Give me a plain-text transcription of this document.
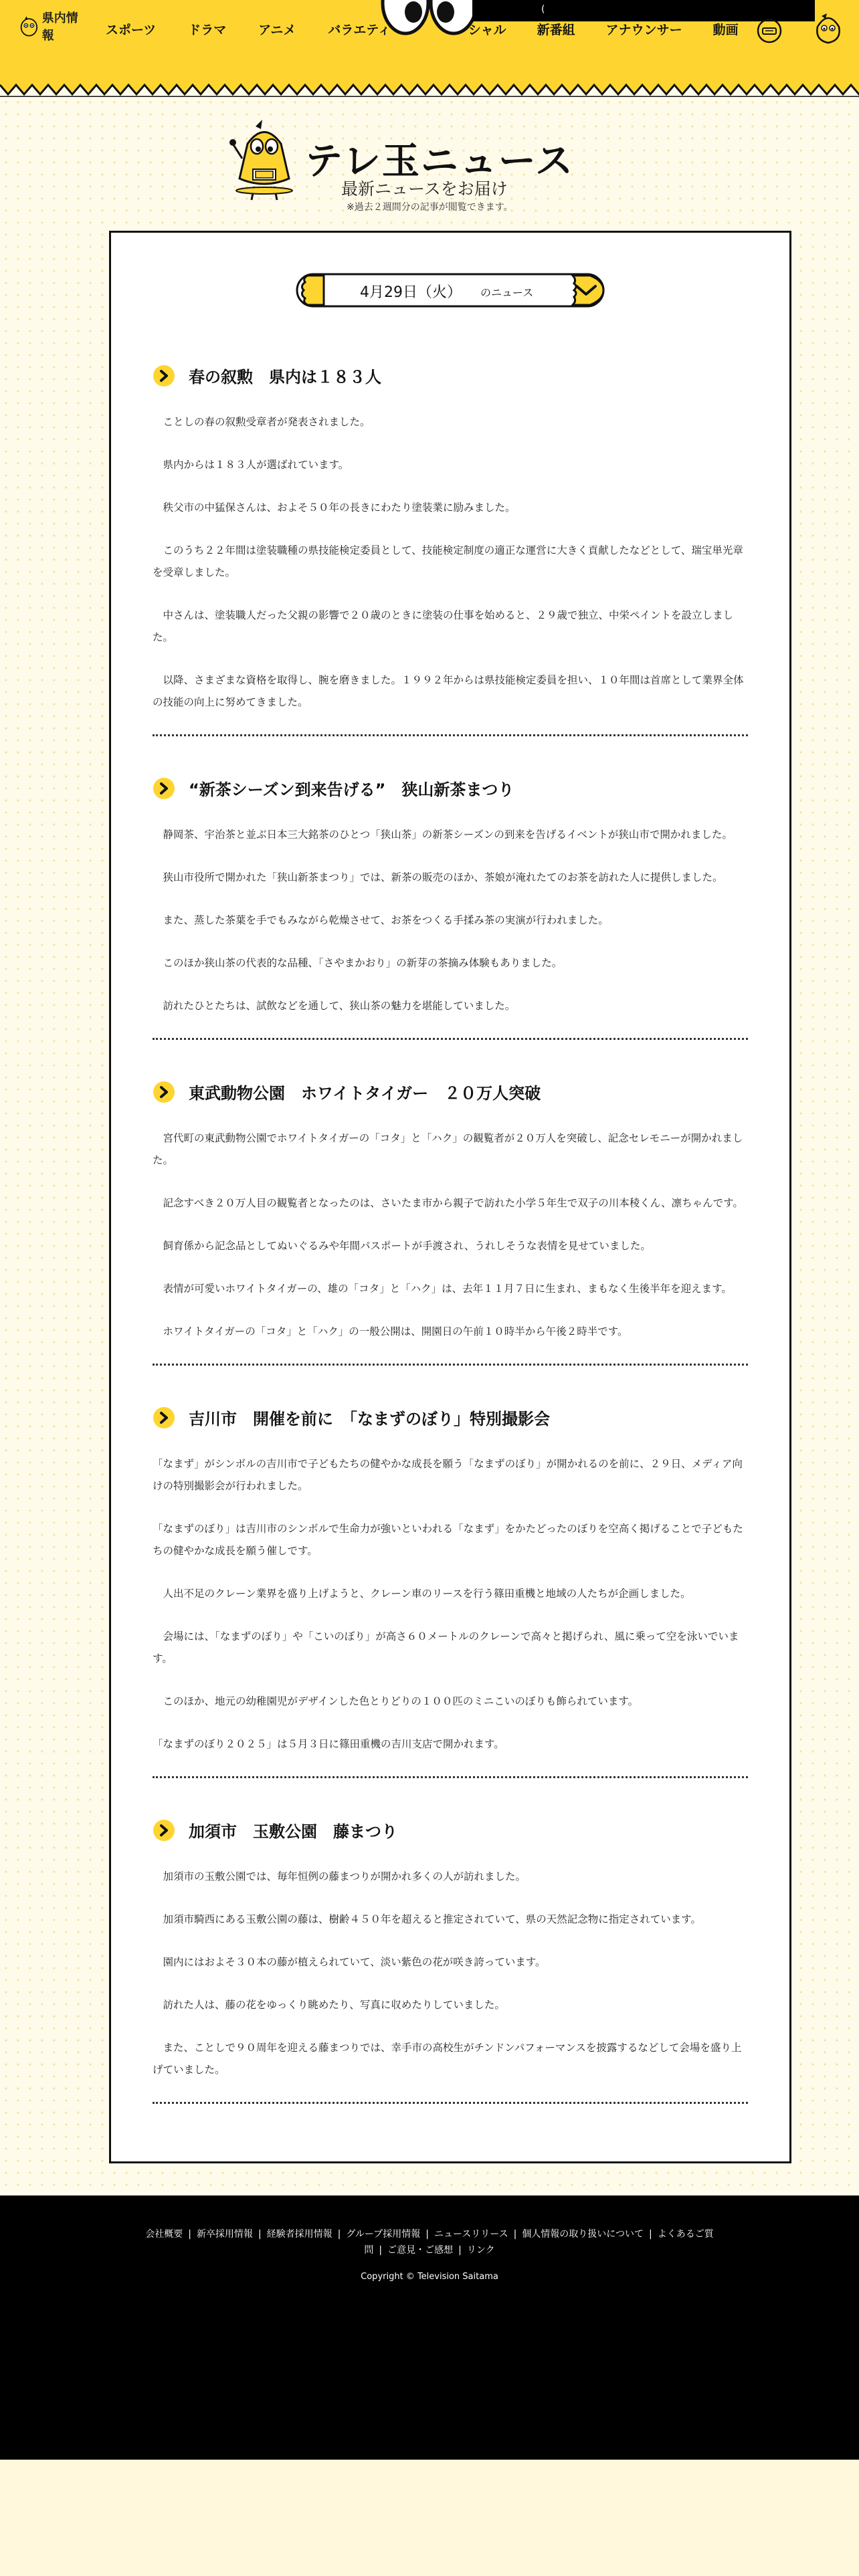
県内情報	スポーツ	ドラマ	アニメ	バラエティ
(
シャル 新番組 アナウンサー 動画
テレ玉ニュース

最新ニュースをお届け

※過去２週間分の記事が閲覧できます。

4月29日（火） のニュース
春の叙勲　県内は１８３人

　ことしの春の叙勲受章者が発表されました。

　県内からは１８３人が選ばれています。

　秩父市の中猛保さんは、およそ５０年の長きにわたり塗装業に励みました。

　このうち２２年間は塗装職種の県技能検定委員として、技能検定制度の適正な運営に大きく貢献したなどとして、瑞宝単光章を受章しました。

　中さんは、塗装職人だった父親の影響で２０歳のときに塗装の仕事を始めると、２９歳で独立、中栄ペイントを設立しました。

　以降、さまざまな資格を取得し、腕を磨きました。１９９２年からは県技能検定委員を担い、１０年間は首席として業界全体の技能の向上に努めてきました。

“新茶シーズン到来告げる”　狭山新茶まつり

　静岡茶、宇治茶と並ぶ日本三大銘茶のひとつ「狭山茶」の新茶シーズンの到来を告げるイベントが狭山市で開かれました。

　狭山市役所で開かれた「狭山新茶まつり」では、新茶の販売のほか、茶娘が淹れたてのお茶を訪れた人に提供しました。

　また、蒸した茶葉を手でもみながら乾燥させて、お茶をつくる手揉み茶の実演が行われました。

　このほか狭山茶の代表的な品種、「さやまかおり」の新芽の茶摘み体験もありました。

　訪れたひとたちは、試飲などを通して、狭山茶の魅力を堪能していました。

東武動物公園　ホワイトタイガー　２０万人突破

　宮代町の東武動物公園でホワイトタイガーの「コタ」と「ハク」の観覧者が２０万人を突破し、記念セレモニーが開かれました。

　記念すべき２０万人目の観覧者となったのは、さいたま市から親子で訪れた小学５年生で双子の川本稜くん、凛ちゃんです。

　飼育係から記念品としてぬいぐるみや年間パスポートが手渡され、うれしそうな表情を見せていました。

　表情が可愛いホワイトタイガーの、雄の「コタ」と「ハク」は、去年１１月７日に生まれ、まもなく生後半年を迎えます。

　ホワイトタイガーの「コタ」と「ハク」の一般公開は、開園日の午前１０時半から午後２時半です。

吉川市　開催を前に　「なまずのぼり」特別撮影会

「なまず」がシンボルの吉川市で子どもたちの健やかな成長を願う「なまずのぼり」が開かれるのを前に、２９日、メディア向けの特別撮影会が行われました。

「なまずのぼり」は吉川市のシンボルで生命力が強いといわれる「なまず」をかたどったのぼりを空高く掲げることで子どもたちの健やかな成長を願う催しです。

　人出不足のクレーン業界を盛り上げようと、クレーン車のリースを行う篠田重機と地域の人たちが企画しました。

　会場には、「なまずのぼり」や「こいのぼり」が高さ６０メートルのクレーンで高々と掲げられ、風に乗って空を泳いでいます。

　このほか、地元の幼稚園児がデザインした色とりどりの１００匹のミニこいのぼりも飾られています。

「なまずのぼり２０２５」は５月３日に篠田重機の吉川支店で開かれます。

加須市　玉敷公園　藤まつり

　加須市の玉敷公園では、毎年恒例の藤まつりが開かれ多くの人が訪れました。

　加須市騎西にある玉敷公園の藤は、樹齢４５０年を超えると推定されていて、県の天然記念物に指定されています。

　園内にはおよそ３０本の藤が植えられていて、淡い紫色の花が咲き誇っています。

　訪れた人は、藤の花をゆっくり眺めたり、写真に収めたりしていました。

　また、ことしで９０周年を迎える藤まつりでは、幸手市の高校生がチンドンパフォーマンスを披露するなどして会場を盛り上げていました。

会社概要 | 新卒採用情報 | 経験者採用情報 | グループ採用情報 | ニュースリリース | 個人情報の取り扱いについて | よくあるご質問 | ご意見・ご感想 | リンク
Copyright © Television Saitama
